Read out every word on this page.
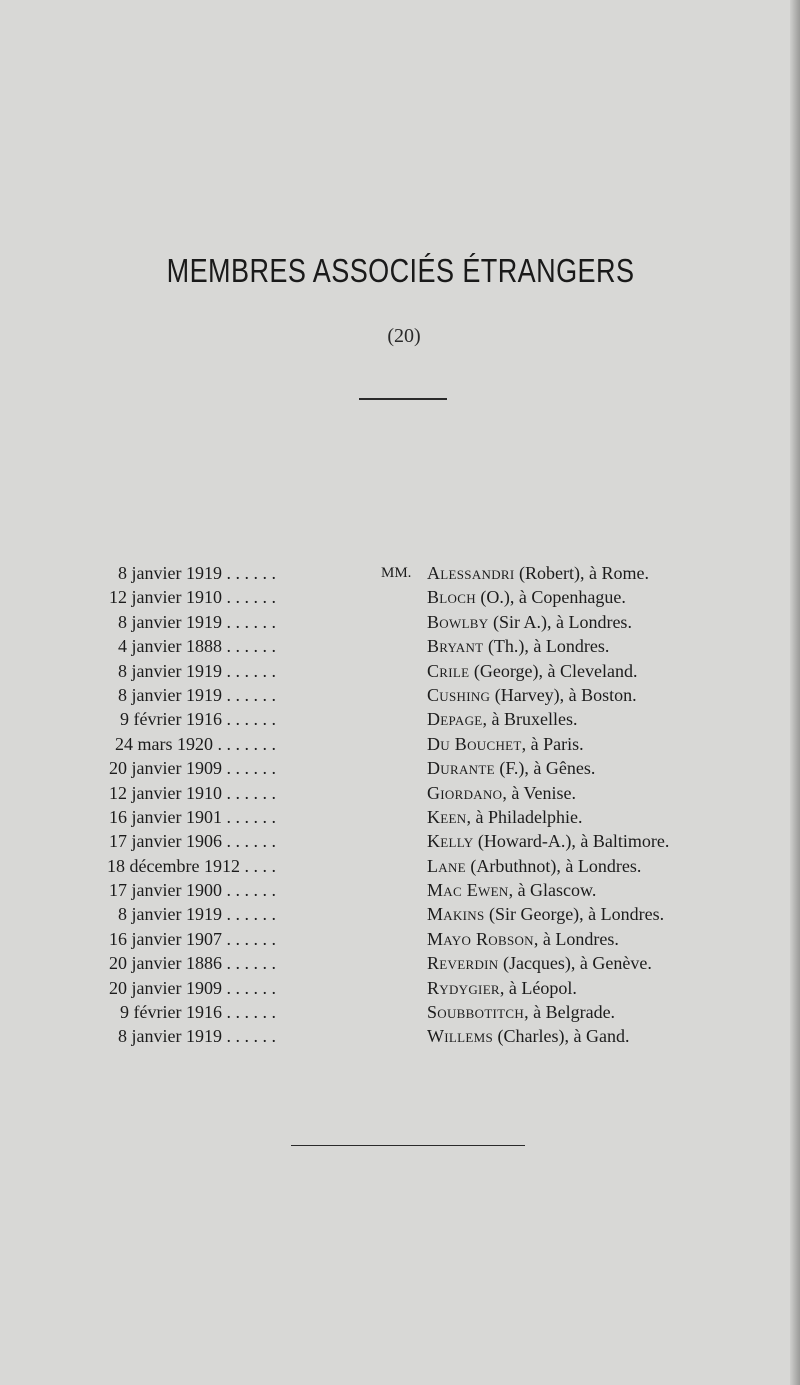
MEMBRES ASSOCIÉS ÉTRANGERS
(20)
8 janvier 1919 . . . . . .	MM. Alessandri (Robert), à Rome.
12 janvier 1910 . . . . . .	Bloch (O.), à Copenhague.
8 janvier 1919 . . . . . .	Bowlby (Sir A.), à Londres.
4 janvier 1888 . . . . . .	Bryant (Th.), à Londres.
8 janvier 1919 . . . . . .	Crile (George), à Cleveland.
8 janvier 1919 . . . . . .	Cushing (Harvey), à Boston.
9 février 1916 . . . . . .	Depage, à Bruxelles.
24 mars 1920 . . . . . . .	Du Bouchet, à Paris.
20 janvier 1909 . . . . . .	Durante (F.), à Gênes.
12 janvier 1910 . . . . . .	Giordano, à Venise.
16 janvier 1901 . . . . . .	Keen, à Philadelphie.
17 janvier 1906 . . . . . .	Kelly (Howard-A.), à Baltimore.
18 décembre 1912 . . . .	Lane (Arbuthnot), à Londres.
17 janvier 1900 . . . . . .	Mac Ewen, à Glascow.
8 janvier 1919 . . . . . .	Makins (Sir George), à Londres.
16 janvier 1907 . . . . . .	Mayo Robson, à Londres.
20 janvier 1886 . . . . . .	Reverdin (Jacques), à Genève.
20 janvier 1909 . . . . . .	Rydygier, à Léopol.
9 février 1916 . . . . . .	Soubbotitch, à Belgrade.
8 janvier 1919 . . . . . .	Willems (Charles), à Gand.
